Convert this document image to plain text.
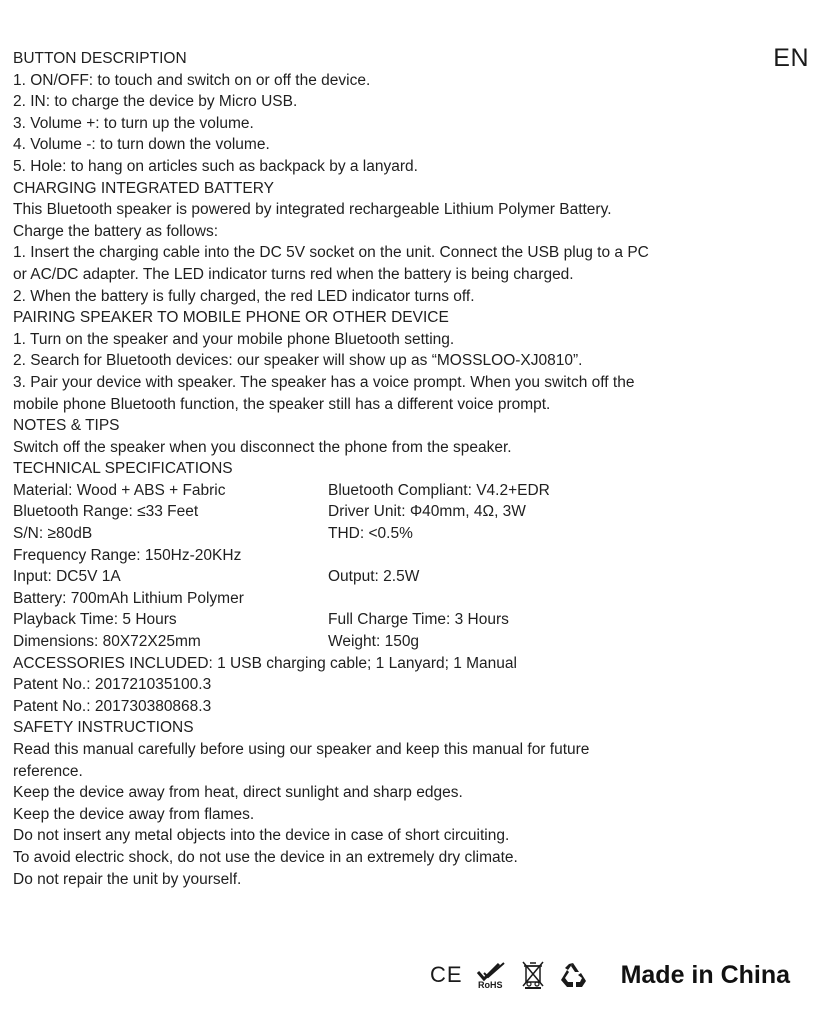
EN
BUTTON DESCRIPTION
1. ON/OFF: to touch and switch on or off the device.
2. IN: to charge the device by Micro USB.
3. Volume +: to turn up the volume.
4. Volume -: to turn down the volume.
5. Hole: to hang on articles such as backpack by a lanyard.
CHARGING INTEGRATED BATTERY
This Bluetooth speaker is powered by integrated rechargeable Lithium Polymer Battery.
Charge the battery as follows:
1. Insert the charging cable into the DC 5V socket on the unit. Connect the USB plug to a PC
or AC/DC adapter. The LED indicator turns red when the battery is being charged.
2. When the battery is fully charged, the red LED indicator turns off.
PAIRING SPEAKER TO MOBILE PHONE OR OTHER DEVICE
1. Turn on the speaker and your mobile phone Bluetooth setting.
2. Search for Bluetooth devices: our speaker will show up as “MOSSLOO-XJ0810”.
3. Pair your device with speaker. The speaker has a voice prompt. When you switch off the
mobile phone Bluetooth function, the speaker still has a different voice prompt.
NOTES & TIPS
Switch off the speaker when you disconnect the phone from the speaker.
TECHNICAL SPECIFICATIONS
Material: Wood + ABS + Fabric	Bluetooth Compliant: V4.2+EDR
Bluetooth Range: ≤33 Feet	Driver Unit: Φ40mm, 4Ω, 3W
S/N: ≥80dB	THD: <0.5%
Frequency Range: 150Hz-20KHz
Input: DC5V 1A	Output: 2.5W
Battery: 700mAh Lithium Polymer
Playback Time: 5 Hours	Full Charge Time: 3 Hours
Dimensions: 80X72X25mm	Weight: 150g
ACCESSORIES INCLUDED: 1 USB charging cable; 1 Lanyard; 1 Manual
Patent No.: 201721035100.3
Patent No.: 201730380868.3
SAFETY INSTRUCTIONS
Read this manual carefully before using our speaker and keep this manual for future
reference.
Keep the device away from heat, direct sunlight and sharp edges.
Keep the device away from flames.
Do not insert any metal objects into the device in case of short circuiting.
To avoid electric shock, do not use the device in an extremely dry climate.
Do not repair the unit by yourself.
CE RoHS	Made in China
